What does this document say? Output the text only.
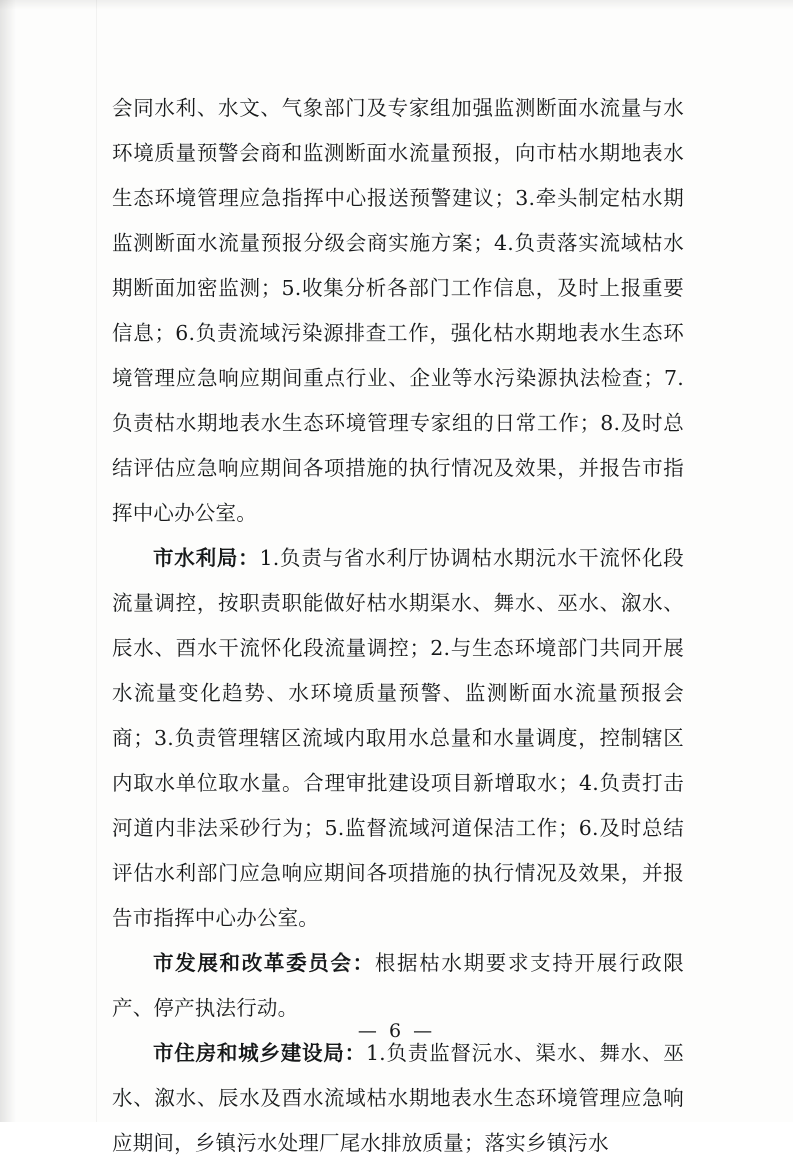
会同水利、水文、气象部门及专家组加强监测断面水流量与水环境质量预警会商和监测断面水流量预报，向市枯水期地表水生态环境管理应急指挥中心报送预警建议；3.牵头制定枯水期监测断面水流量预报分级会商实施方案；4.负责落实流域枯水期断面加密监测；5.收集分析各部门工作信息，及时上报重要信息；6.负责流域污染源排查工作，强化枯水期地表水生态环境管理应急响应期间重点行业、企业等水污染源执法检查；7.负责枯水期地表水生态环境管理专家组的日常工作；8.及时总结评估应急响应期间各项措施的执行情况及效果，并报告市指挥中心办公室。

市水利局：1.负责与省水利厅协调枯水期沅水干流怀化段流量调控，按职责职能做好枯水期渠水、舞水、巫水、溆水、辰水、酉水干流怀化段流量调控；2.与生态环境部门共同开展水流量变化趋势、水环境质量预警、监测断面水流量预报会商；3.负责管理辖区流域内取用水总量和水量调度，控制辖区内取水单位取水量。合理审批建设项目新增取水；4.负责打击河道内非法采砂行为；5.监督流域河道保洁工作；6.及时总结评估水利部门应急响应期间各项措施的执行情况及效果，并报告市指挥中心办公室。

市发展和改革委员会：根据枯水期要求支持开展行政限产、停产执法行动。

市住房和城乡建设局：1.负责监督沅水、渠水、舞水、巫水、溆水、辰水及酉水流域枯水期地表水生态环境管理应急响应期间，乡镇污水处理厂尾水排放质量；落实乡镇污水

— 6 —
